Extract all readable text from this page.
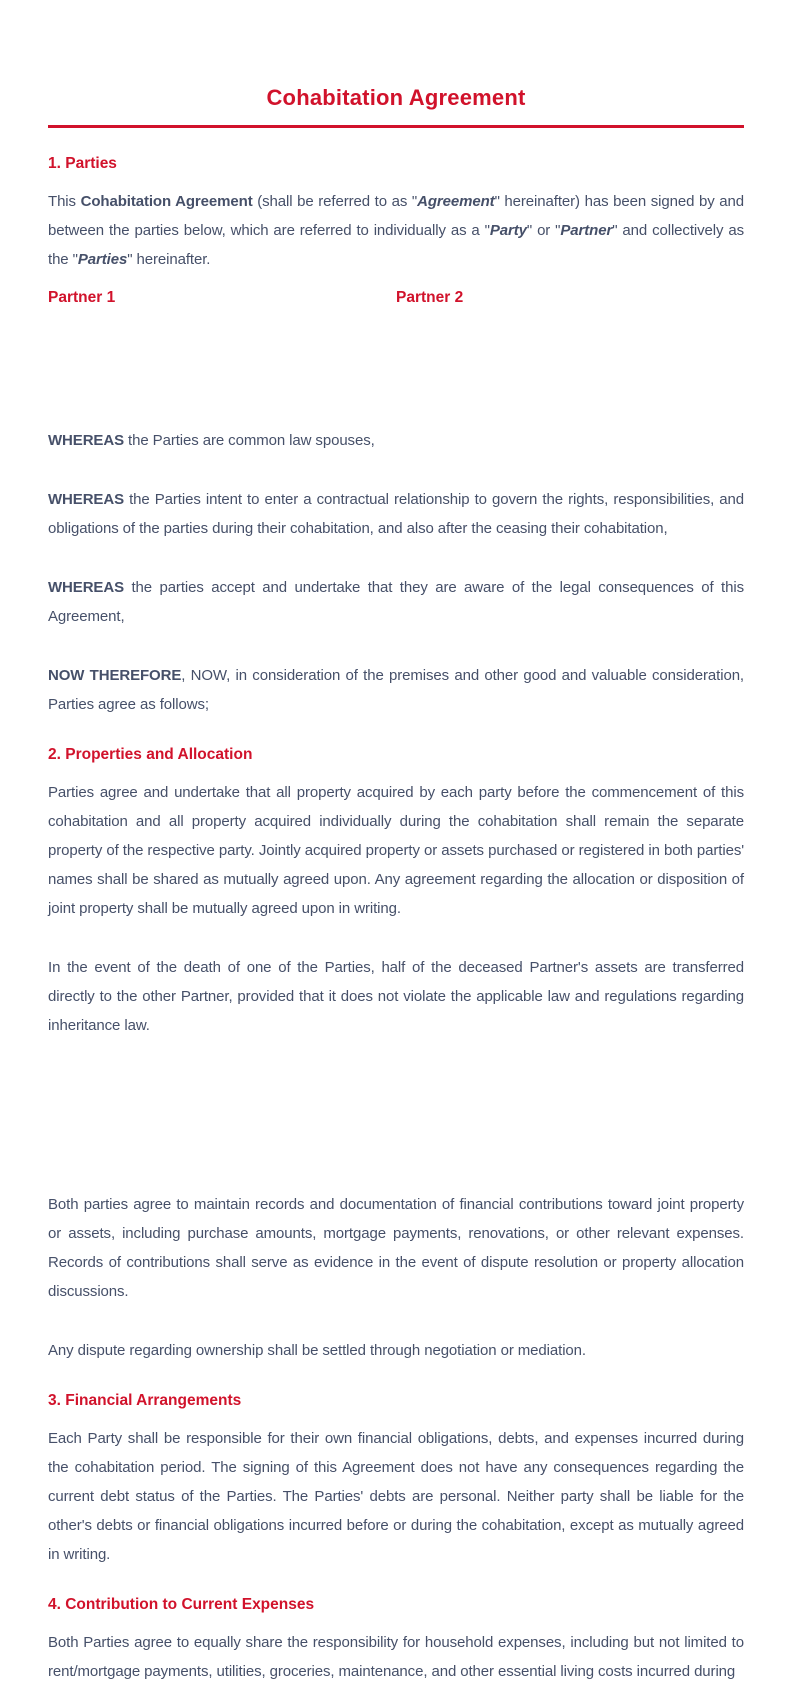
Cohabitation Agreement
1. Parties

This Cohabitation Agreement (shall be referred to as "Agreement" hereinafter) has been signed by and between the parties below, which are referred to individually as a "Party" or "Partner" and collectively as the "Parties" hereinafter.

Partner 1	Partner 2

WHEREAS the Parties are common law spouses,

WHEREAS the Parties intent to enter a contractual relationship to govern the rights, responsibilities, and obligations of the parties during their cohabitation, and also after the ceasing their cohabitation,

WHEREAS the parties accept and undertake that they are aware of the legal consequences of this Agreement,

NOW THEREFORE, NOW, in consideration of the premises and other good and valuable consideration, Parties agree as follows;

2. Properties and Allocation

Parties agree and undertake that all property acquired by each party before the commencement of this cohabitation and all property acquired individually during the cohabitation shall remain the separate property of the respective party. Jointly acquired property or assets purchased or registered in both parties' names shall be shared as mutually agreed upon. Any agreement regarding the allocation or disposition of joint property shall be mutually agreed upon in writing.

In the event of the death of one of the Parties, half of the deceased Partner's assets are transferred directly to the other Partner, provided that it does not violate the applicable law and regulations regarding inheritance law.

Both parties agree to maintain records and documentation of financial contributions toward joint property or assets, including purchase amounts, mortgage payments, renovations, or other relevant expenses. Records of contributions shall serve as evidence in the event of dispute resolution or property allocation discussions.

Any dispute regarding ownership shall be settled through negotiation or mediation.

3. Financial Arrangements

Each Party shall be responsible for their own financial obligations, debts, and expenses incurred during the cohabitation period. The signing of this Agreement does not have any consequences regarding the current debt status of the Parties. The Parties' debts are personal. Neither party shall be liable for the other's debts or financial obligations incurred before or during the cohabitation, except as mutually agreed in writing.

4. Contribution to Current Expenses

Both Parties agree to equally share the responsibility for household expenses, including but not limited to rent/mortgage payments, utilities, groceries, maintenance, and other essential living costs incurred during
